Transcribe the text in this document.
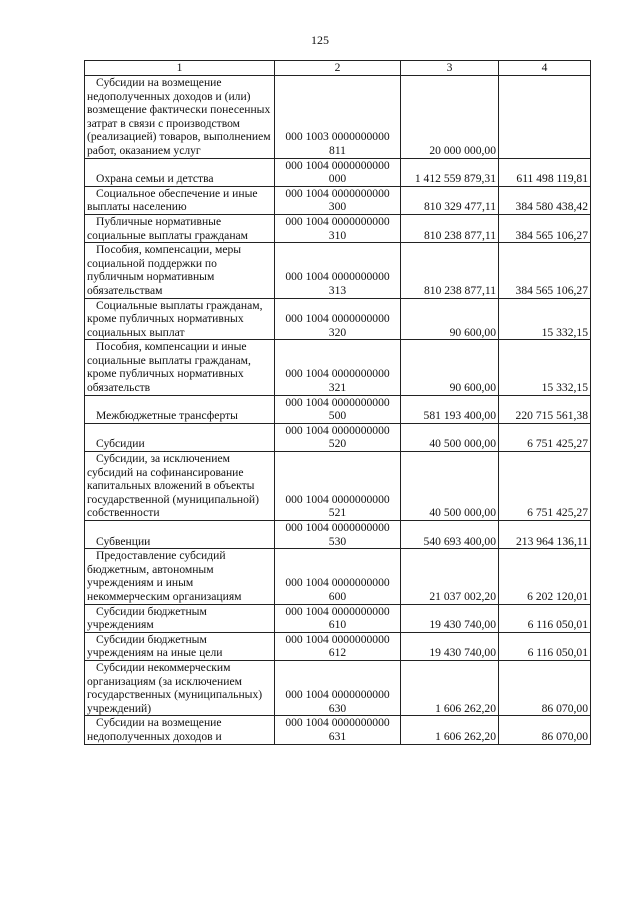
125
1	2	3	4
Субсидии на возмещение недополученных доходов и (или) возмещение фактически понесенных затрат в связи с производством (реализацией) товаров, выполнением работ, оказанием услуг	000 1003 0000000000 811	20 000 000,00	
Охрана семьи и детства	000 1004 0000000000 000	1 412 559 879,31	611 498 119,81
Социальное обеспечение и иные выплаты населению	000 1004 0000000000 300	810 329 477,11	384 580 438,42
Публичные нормативные социальные выплаты гражданам	000 1004 0000000000 310	810 238 877,11	384 565 106,27
Пособия, компенсации, меры социальной поддержки по публичным нормативным обязательствам	000 1004 0000000000 313	810 238 877,11	384 565 106,27
Социальные выплаты гражданам, кроме публичных нормативных социальных выплат	000 1004 0000000000 320	90 600,00	15 332,15
Пособия, компенсации и иные социальные выплаты гражданам, кроме публичных нормативных обязательств	000 1004 0000000000 321	90 600,00	15 332,15
Межбюджетные трансферты	000 1004 0000000000 500	581 193 400,00	220 715 561,38
Субсидии	000 1004 0000000000 520	40 500 000,00	6 751 425,27
Субсидии, за исключением субсидий на софинансирование капитальных вложений в объекты государственной (муниципальной) собственности	000 1004 0000000000 521	40 500 000,00	6 751 425,27
Субвенции	000 1004 0000000000 530	540 693 400,00	213 964 136,11
Предоставление субсидий бюджетным, автономным учреждениям и иным некоммерческим организациям	000 1004 0000000000 600	21 037 002,20	6 202 120,01
Субсидии бюджетным учреждениям	000 1004 0000000000 610	19 430 740,00	6 116 050,01
Субсидии бюджетным учреждениям на иные цели	000 1004 0000000000 612	19 430 740,00	6 116 050,01
Субсидии некоммерческим организациям (за исключением государственных (муниципальных) учреждений)	000 1004 0000000000 630	1 606 262,20	86 070,00
Субсидии на возмещение недополученных доходов и	000 1004 0000000000 631	1 606 262,20	86 070,00
